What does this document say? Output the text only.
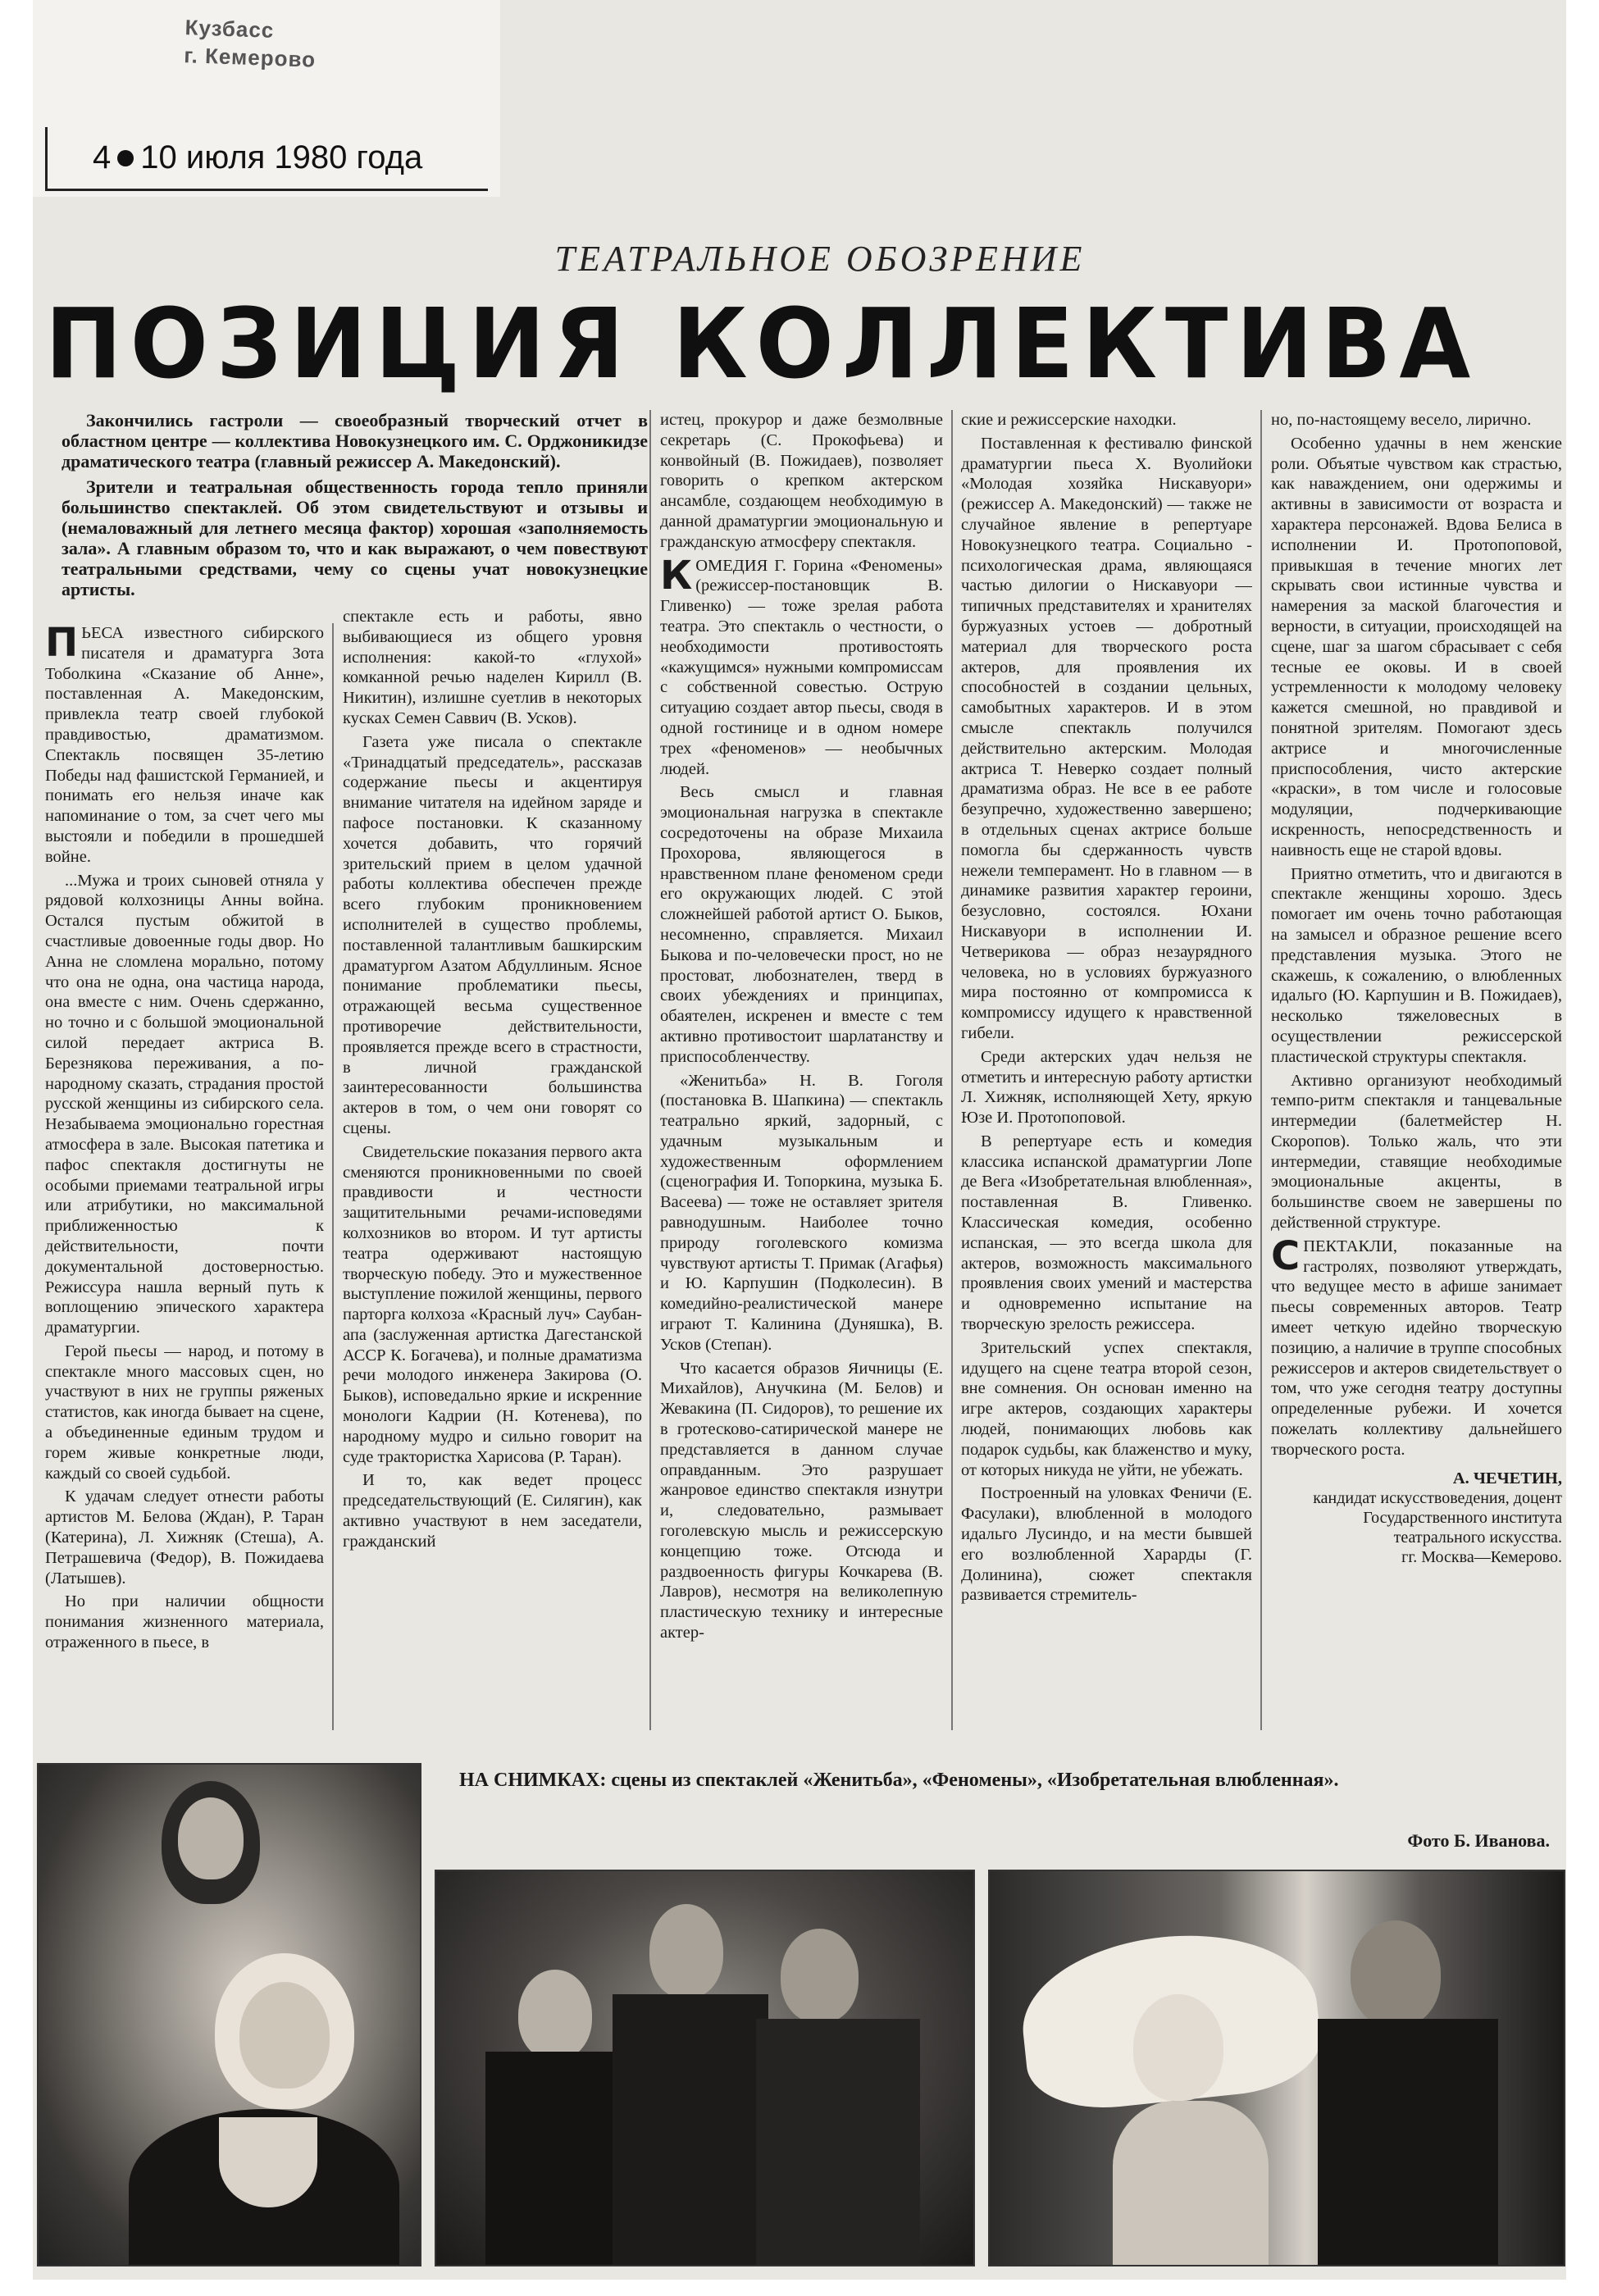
Кузбасс
г. Кемерово
4 10 июля 1980 года
ТЕАТРАЛЬНОЕ ОБОЗРЕНИЕ
ПОЗИЦИЯ КОЛЛЕКТИВА

Закончились гастроли — своеобразный творческий отчет в областном центре — коллектива Новокузнецкого им. С. Орджоникидзе драматического театра (главный режиссер А. Македонский).

Зрители и театральная общественность города тепло приняли большинство спектаклей. Об этом свидетельствуют и отзывы и (немаловажный для летнего месяца фактор) хорошая «заполняемость зала». А главным образом то, что и как выражают, о чем повествуют театральными средствами, чему со сцены учат новокузнецкие артисты.

ПЬЕСА известного сибирского писателя и драматурга Зота Тоболкина «Сказание об Анне», поставленная А. Македонским, привлекла театр своей глубокой правдивостью, драматизмом. Спектакль посвящен 35-летию Победы над фашистской Германией, и понимать его нельзя иначе как напоминание о том, за счет чего мы выстояли и победили в прошедшей войне.

...Мужа и троих сыновей отняла у рядовой колхозницы Анны война. Остался пустым обжитой в счастливые довоенные годы двор. Но Анна не сломлена морально, потому что она не одна, она частица народа, она вместе с ним. Очень сдержанно, но точно и с большой эмоциональной силой передает актриса В. Березнякова переживания, а по-народному сказать, страдания простой русской женщины из сибирского села. Незабываема эмоционально горестная атмосфера в зале. Высокая патетика и пафос спектакля достигнуты не особыми приемами театральной игры или атрибутики, но максимальной приближенностью к действительности, почти документальной достоверностью. Режиссура нашла верный путь к воплощению эпического характера драматургии.

Герой пьесы — народ, и потому в спектакле много массовых сцен, но участвуют в них не группы ряженых статистов, как иногда бывает на сцене, а объединенные единым трудом и горем живые конкретные люди, каждый со своей судьбой.

К удачам следует отнести работы артистов М. Белова (Ждан), Р. Таран (Катерина), Л. Хижняк (Стеша), А. Петрашевича (Федор), В. Пожидаева (Латышев).

Но при наличии общности понимания жизненного материала, отраженного в пьесе, в

спектакле есть и работы, явно выбивающиеся из общего уровня исполнения: какой-то «глухой» комканной речью наделен Кирилл (В. Никитин), излишне суетлив в некоторых кусках Семен Саввич (В. Усков).

Газета уже писала о спектакле «Тринадцатый председатель», рассказав содержание пьесы и акцентируя внимание читателя на идейном заряде и пафосе постановки. К сказанному хочется добавить, что горячий зрительский прием в целом удачной работы коллектива обеспечен прежде всего глубоким проникновением исполнителей в существо проблемы, поставленной талантливым башкирским драматургом Азатом Абдуллиным. Ясное понимание проблематики пьесы, отражающей весьма существенное противоречие действительности, проявляется прежде всего в страстности, в личной гражданской заинтересованности большинства актеров в том, о чем они говорят со сцены.

Свидетельские показания первого акта сменяются проникновенными по своей правдивости и честности защитительными речами-исповедями колхозников во втором. И тут артисты театра одерживают настоящую творческую победу. Это и мужественное выступление пожилой женщины, первого парторга колхоза «Красный луч» Саубан-апа (заслуженная артистка Дагестанской АССР К. Богачева), и полные драматизма речи молодого инженера Закирова (О. Быков), исповедально яркие и искренние монологи Кадрии (Н. Котенева), по народному мудро и сильно говорит на суде трактористка Харисова (Р. Таран).

И то, как ведет процесс председательствующий (Е. Силягин), как активно участвуют в нем заседатели, гражданский

истец, прокурор и даже безмолвные секретарь (С. Прокофьева) и конвойный (В. Пожидаев), позволяет говорить о крепком актерском ансамбле, создающем необходимую в данной драматургии эмоциональную и гражданскую атмосферу спектакля.

КОМЕДИЯ Г. Горина «Феномены» (режиссер-постановщик В. Гливенко) — тоже зрелая работа театра. Это спектакль о честности, о необходимости противостоять «кажущимся» нужными компромиссам с собственной совестью. Острую ситуацию создает автор пьесы, сводя в одной гостинице и в одном номере трех «феноменов» — необычных людей.

Весь смысл и главная эмоциональная нагрузка в спектакле сосредоточены на образе Михаила Прохорова, являющегося в нравственном плане феноменом среди его окружающих людей. С этой сложнейшей работой артист О. Быков, несомненно, справляется. Михаил Быкова и по-человечески прост, но не простоват, любознателен, тверд в своих убеждениях и принципах, обаятелен, искренен и вместе с тем активно противостоит шарлатанству и приспособленчеству.

«Женитьба» Н. В. Гоголя (постановка В. Шапкина) — спектакль театрально яркий, задорный, с удачным музыкальным и художественным оформлением (сценография И. Топоркина, музыка Б. Васеева) — тоже не оставляет зрителя равнодушным. Наиболее точно природу гоголевского комизма чувствуют артисты Т. Примак (Агафья) и Ю. Карпушин (Подколесин). В комедийно-реалистической манере играют Т. Калинина (Дуняшка), В. Усков (Степан).

Что касается образов Яичницы (Е. Михайлов), Анучкина (М. Белов) и Жевакина (П. Сидоров), то решение их в гротесково-сатирической манере не представляется в данном случае оправданным. Это разрушает жанровое единство спектакля изнутри и, следовательно, размывает гоголевскую мысль и режиссерскую концепцию тоже. Отсюда и раздвоенность фигуры Кочкарева (В. Лавров), несмотря на великолепную пластическую технику и интересные актер-

ские и режиссерские находки.

Поставленная к фестивалю финской драматургии пьеса Х. Вуолийоки «Молодая хозяйка Нискавуори» (режиссер А. Македонский) — также не случайное явление в репертуаре Новокузнецкого театра. Социально - психологическая драма, являющаяся частью дилогии о Нискавуори — типичных представителях и хранителях буржуазных устоев — добротный материал для творческого роста актеров, для проявления их способностей в создании цельных, самобытных характеров. И в этом смысле спектакль получился действительно актерским. Молодая актриса Т. Неверко создает полный драматизма образ. Не все в ее работе безупречно, художественно завершено; в отдельных сценах актрисе больше помогла бы сдержанность чувств нежели темперамент. Но в главном — в динамике развития характер героини, безусловно, состоялся. Юхани Нискавуори в исполнении И. Четверикова — образ незаурядного человека, но в условиях буржуазного мира постоянно от компромисса к компромиссу идущего к нравственной гибели.

Среди актерских удач нельзя не отметить и интересную работу артистки Л. Хижняк, исполняющей Хету, яркую Юзе И. Протопоповой.

В репертуаре есть и комедия классика испанской драматургии Лопе де Вега «Изобретательная влюбленная», поставленная В. Гливенко. Классическая комедия, особенно испанская, — это всегда школа для актеров, возможность максимального проявления своих умений и мастерства и одновременно испытание на творческую зрелость режиссера.

Зрительский успех спектакля, идущего на сцене театра второй сезон, вне сомнения. Он основан именно на игре актеров, создающих характеры людей, понимающих любовь как подарок судьбы, как блаженство и муку, от которых никуда не уйти, не убежать.

Построенный на уловках Феничи (Е. Фасулаки), влюбленной в молодого идальго Лусиндо, и на мести бывшей его возлюбленной Харарды (Г. Долинина), сюжет спектакля развивается стремитель-

но, по-настоящему весело, лирично.

Особенно удачны в нем женские роли. Объятые чувством как страстью, как наваждением, они одержимы и активны в зависимости от возраста и характера персонажей. Вдова Белиса в исполнении И. Протопоповой, привыкшая в течение многих лет скрывать свои истинные чувства и намерения за маской благочестия и верности, в ситуации, происходящей на сцене, шаг за шагом сбрасывает с себя тесные ее оковы. И в своей устремленности к молодому человеку кажется смешной, но правдивой и понятной зрителям. Помогают здесь актрисе и многочисленные приспособления, чисто актерские «краски», в том числе и голосовые модуляции, подчеркивающие искренность, непосредственность и наивность еще не старой вдовы.

Приятно отметить, что и двигаются в спектакле женщины хорошо. Здесь помогает им очень точно работающая на замысел и образное решение всего представления музыка. Этого не скажешь, к сожалению, о влюбленных идальго (Ю. Карпушин и В. Пожидаев), несколько тяжеловесных в осуществлении режиссерской пластической структуры спектакля.

Активно организуют необходимый темпо-ритм спектакля и танцевальные интермедии (балетмейстер Н. Скоропов). Только жаль, что эти интермедии, ставящие необходимые эмоциональные акценты, в большинстве своем не завершены по действенной структуре.

СПЕКТАКЛИ, показанные на гастролях, позволяют утверждать, что ведущее место в афише занимает пьесы современных авторов. Театр имеет четкую идейно творческую позицию, а наличие в труппе способных режиссеров и актеров свидетельствует о том, что уже сегодня театру доступны определенные рубежи. И хочется пожелать коллективу дальнейшего творческого роста.

А. ЧЕЧЕТИН,
кандидат искусствоведения, доцент Государственного института театрального искусства.
гг. Москва—Кемерово.
НА СНИМКАХ: сцены из спектаклей «Женитьба», «Феномены», «Изобретательная влюбленная».
Фото Б. Иванова.
